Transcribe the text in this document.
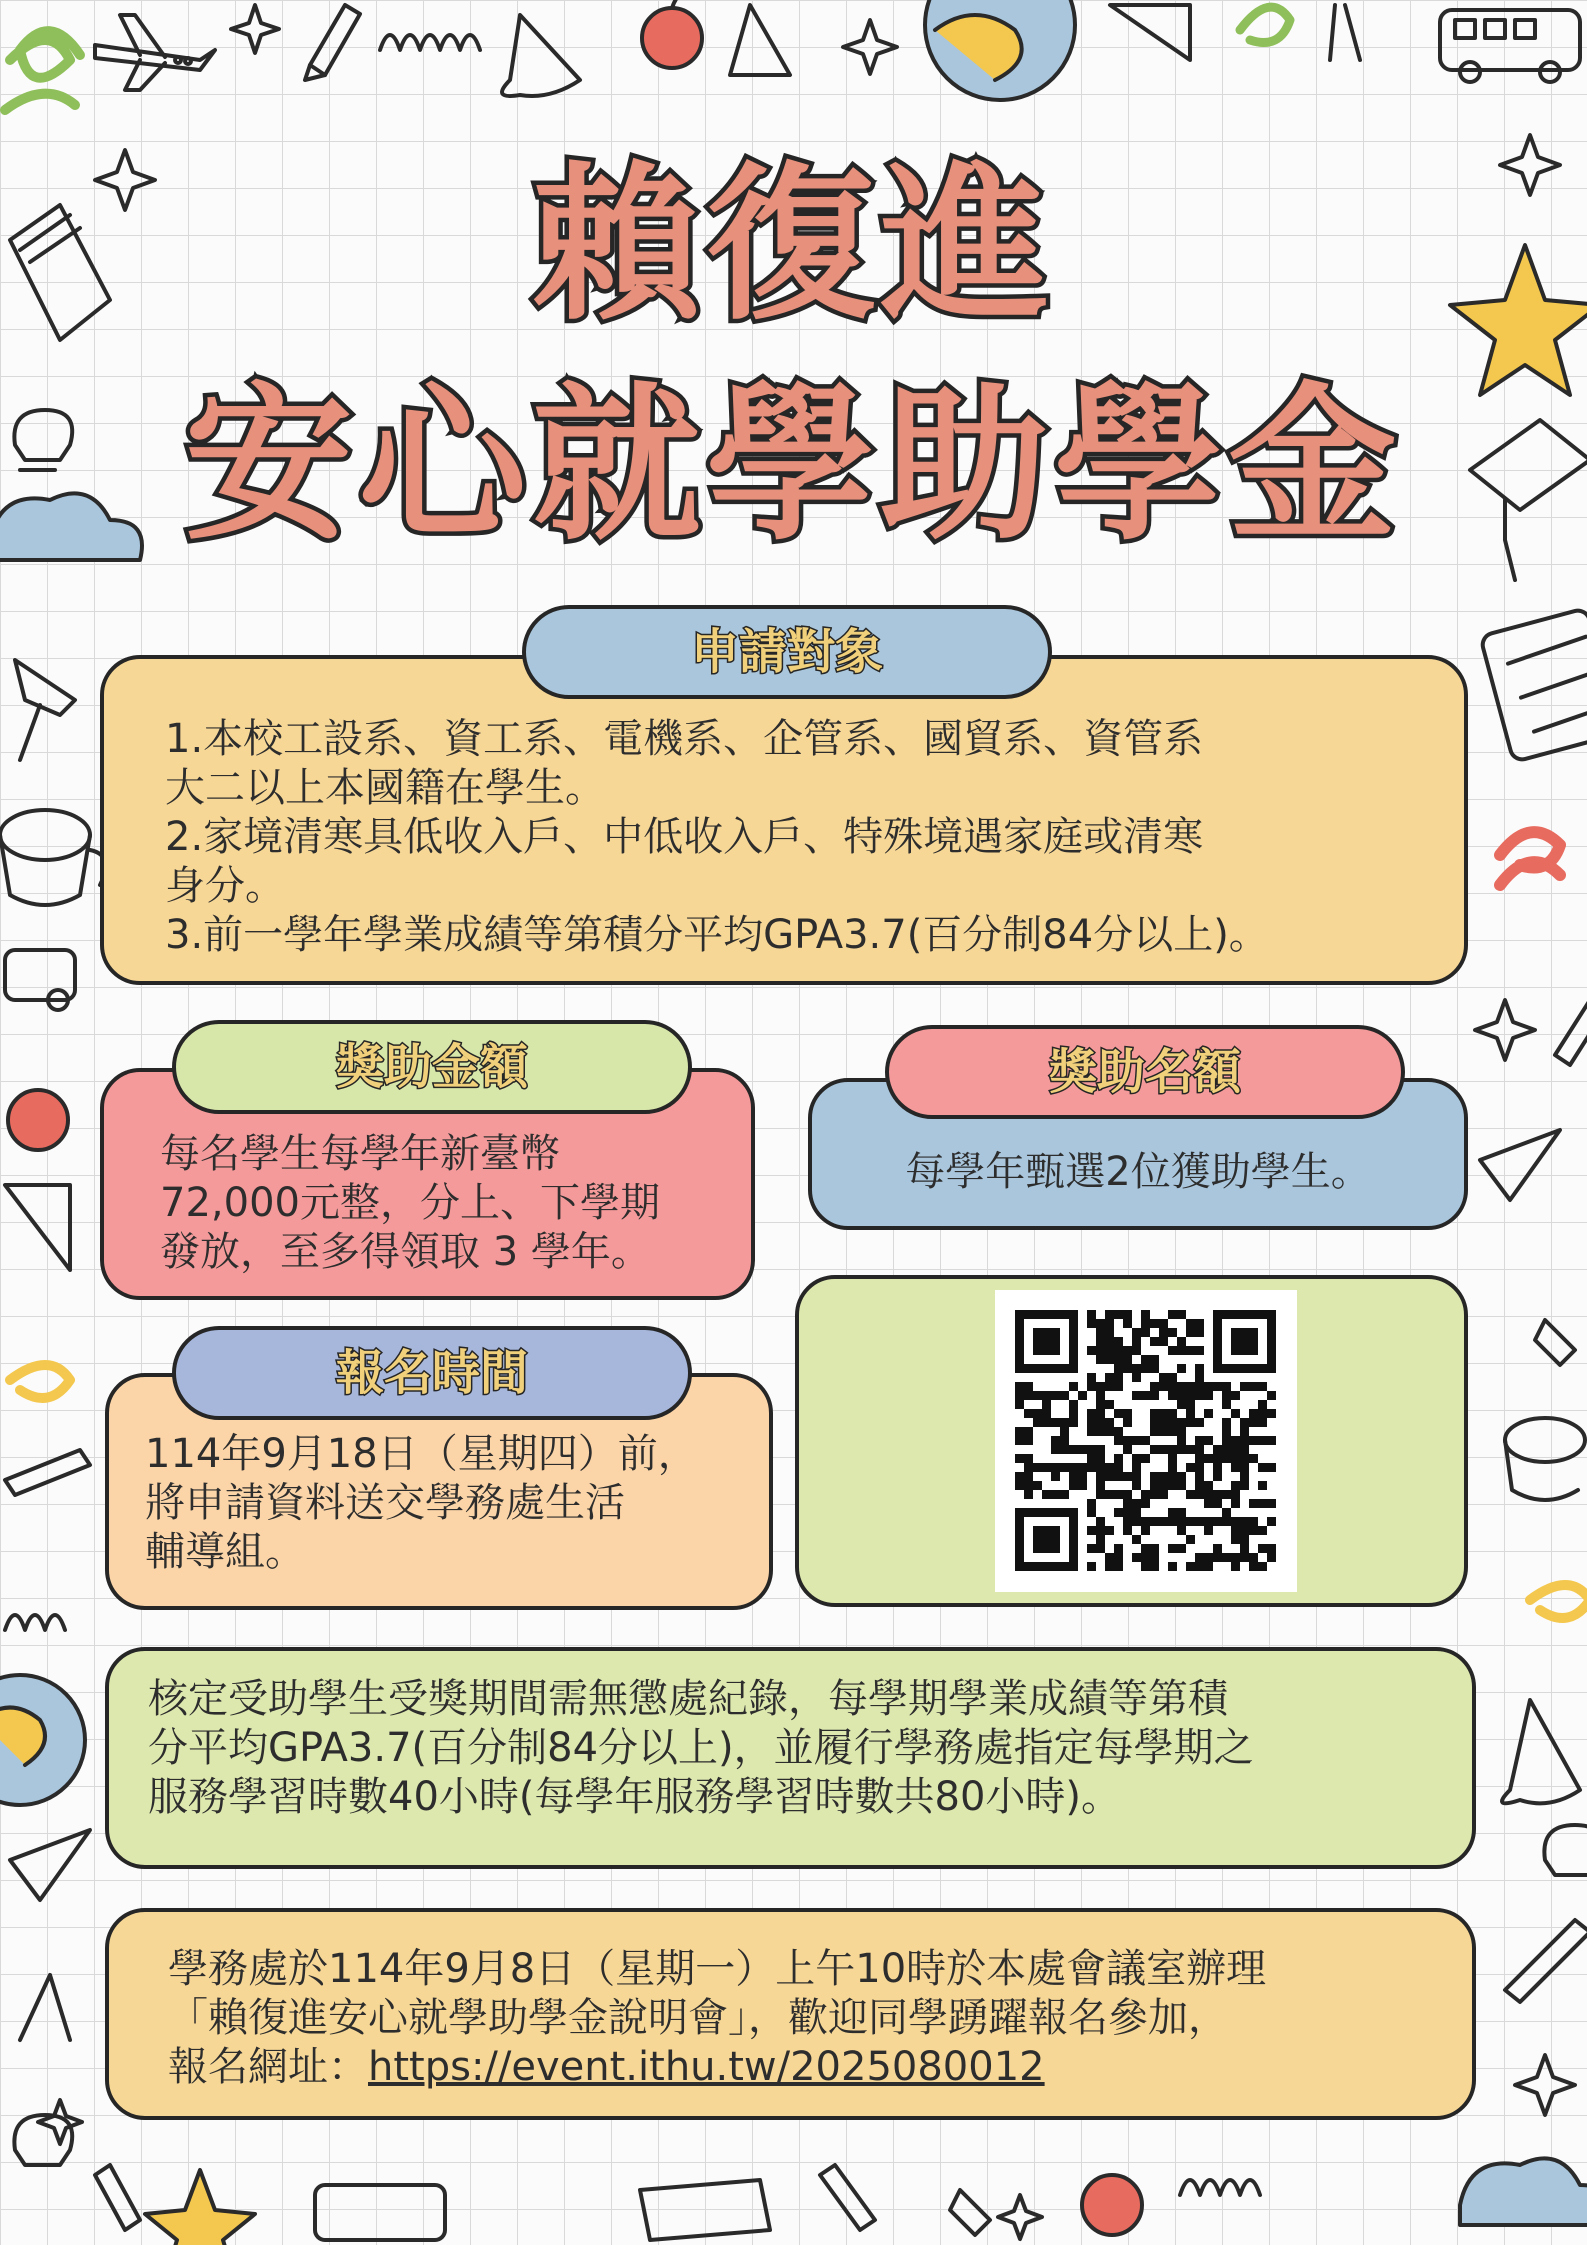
賴復進
安心就學助學金
申請對象
1.本校工設系、資工系、電機系、企管系、國貿系、資管系
大二以上本國籍在學生。
2.家境清寒具低收入戶、中低收入戶、特殊境遇家庭或清寒
身分。
3.前一學年學業成績等第積分平均GPA3.7(百分制84分以上)。
獎助金額
每名學生每學年新臺幣
72,000元整，分上、下學期
發放，至多得領取 3 學年。
獎助名額
每學年甄選2位獲助學生。
報名時間
114年9月18日（星期四）前，
將申請資料送交學務處生活
輔導組。
核定受助學生受獎期間需無懲處紀錄，每學期學業成績等第積
分平均GPA3.7(百分制84分以上)，並履行學務處指定每學期之
服務學習時數40小時(每學年服務學習時數共80小時)。
學務處於114年9月8日（星期一）上午10時於本處會議室辦理
「賴復進安心就學助學金說明會」，歡迎同學踴躍報名參加，
報名網址：https://event.ithu.tw/2025080012
